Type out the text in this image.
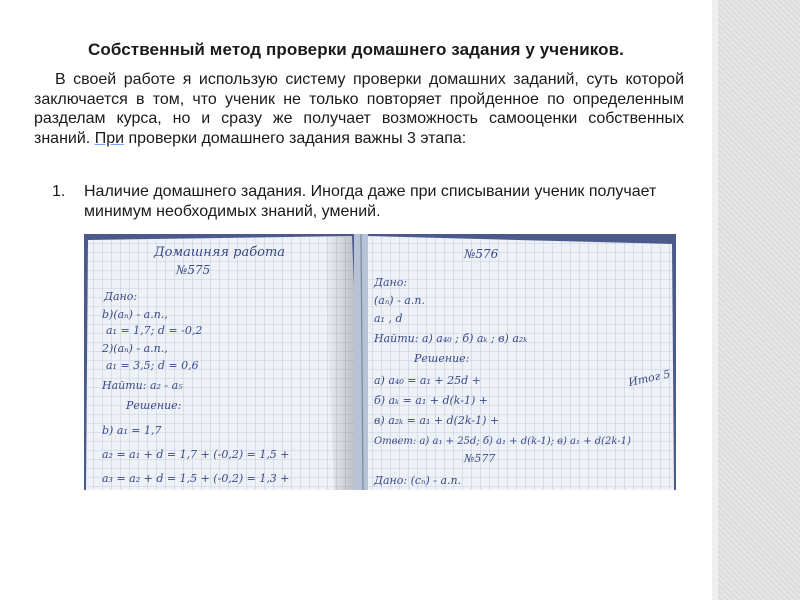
Собственный метод проверки домашнего задания у учеников.
В своей работе я использую систему проверки домашних заданий, суть которой заключается в том, что ученик не только повторяет пройденное по определенным разделам курса, но и сразу же получает возможность самооценки собственных знаний. При проверки домашнего задания важны 3 этапа:
1.	Наличие домашнего задания. Иногда даже при списывании ученик получает минимум необходимых знаний, умений.
Домашняя работа
№575
Дано:
b)(aₙ) - a.n.,
a₁ = 1,7; d = -0,2
2)(aₙ) - a.n.,
a₁ = 3,5; d = 0,6
Найти: a₂ - a₅
Решение:
b) a₁ = 1,7
a₂ = a₁ + d = 1,7 + (-0,2) = 1,5 +
a₃ = a₂ + d = 1,5 + (-0,2) = 1,3 +
№576
Дано:
(aₙ) - a.n.
a₁ , d
Найти: а) a₄₀ ; б) aₖ ; в) a₂ₖ
Решение:
а) a₄₀ = a₁ + 25d +
б) aₖ = a₁ + d(k-1) +
в) a₂ₖ = a₁ + d(2k-1) +
Ответ: а) a₁ + 25d; б) a₁ + d(k-1); в) a₁ + d(2k-1)
№577
Дано: (cₙ) - a.n.
Итог 5
